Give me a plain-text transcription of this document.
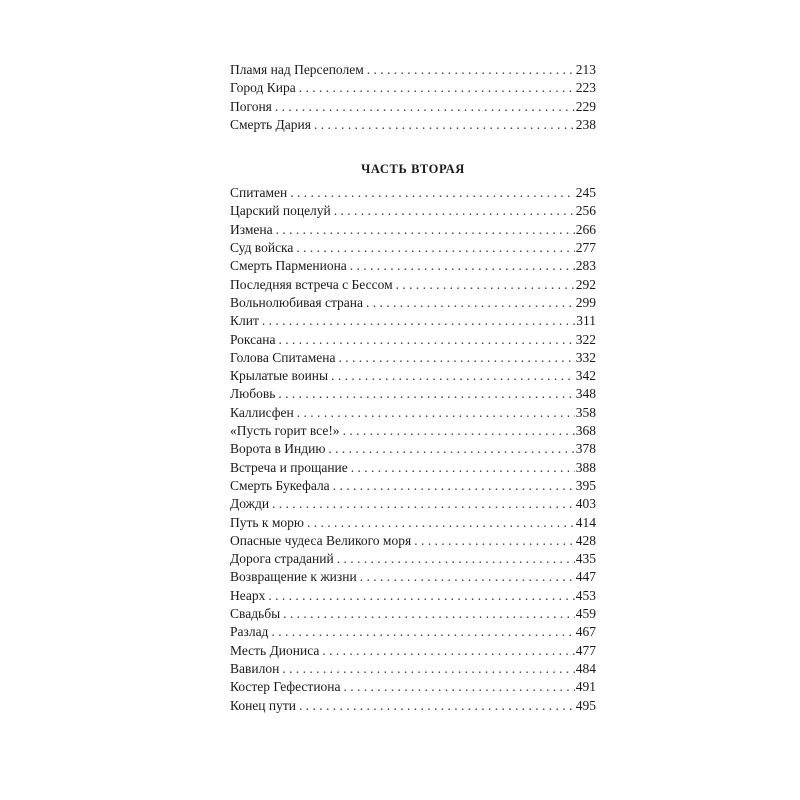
Пламя над Персеполем . . .	213
Город Кира . . .	223
Погоня . . .	229
Смерть Дария . . .	238
ЧАСТЬ ВТОРАЯ
Спитамен . . .	245
Царский поцелуй . . .	256
Измена . . .	266
Суд войска . . .	277
Смерть Пармениона . . .	283
Последняя встреча с Бессом . . .	292
Вольнолюбивая страна . . .	299
Клит . . .	311
Роксана . . .	322
Голова Спитамена . . .	332
Крылатые воины . . .	342
Любовь . . .	348
Каллисфен . . .	358
«Пусть горит все!» . . .	368
Ворота в Индию . . .	378
Встреча и прощание . . .	388
Смерть Букефала . . .	395
Дожди . . .	403
Путь к морю . . .	414
Опасные чудеса Великого моря . . .	428
Дорога страданий . . .	435
Возвращение к жизни . . .	447
Неарх . . .	453
Свадьбы . . .	459
Разлад . . .	467
Месть Диониса . . .	477
Вавилон . . .	484
Костер Гефестиона . . .	491
Конец пути . . .	495
